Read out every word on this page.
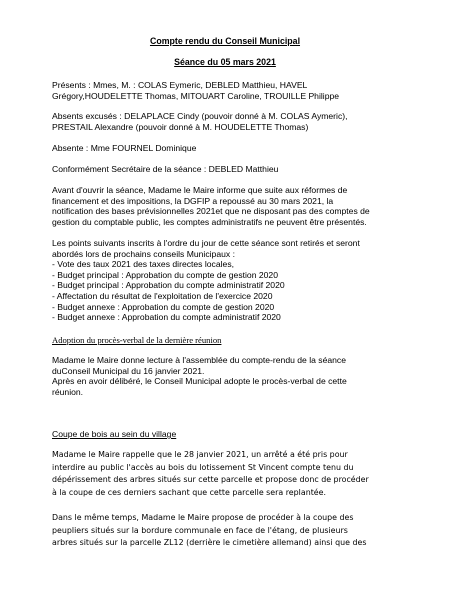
Compte rendu du Conseil Municipal
Séance du 05 mars 2021

Présents : Mmes, M. : COLAS Eymeric, DEBLED Matthieu, HAVEL

Grégory,HOUDELETTE Thomas, MITOUART Caroline, TROUILLE Philippe

Absents excusés : DELAPLACE Cindy (pouvoir donné à M. COLAS Aymeric),

PRESTAIL Alexandre (pouvoir donné à M. HOUDELETTE Thomas)

Absente : Mme FOURNEL Dominique

Conformément Secrétaire de la séance : DEBLED Matthieu

Avant d'ouvrir la séance, Madame le Maire informe que suite aux réformes de

financement et des impositions, la DGFIP a repoussé au 30 mars 2021, la

notification des bases prévisionnelles 2021et que ne disposant pas des comptes de

gestion du comptable public, les comptes administratifs ne peuvent être présentés.

Les points suivants inscrits à l'ordre du jour de cette séance sont retirés et seront

abordés lors de prochains conseils Municipaux :

- Vote des taux 2021 des taxes directes locales,

- Budget principal : Approbation du compte de gestion 2020

- Budget principal : Approbation du compte administratif 2020

- Affectation du résultat de l'exploitation de l'exercice 2020

- Budget annexe : Approbation du compte de gestion 2020

- Budget annexe : Approbation du compte administratif 2020

Adoption du procès-verbal de la dernière réunion

Madame le Maire donne lecture à l'assemblée du compte-rendu de la séance

duConseil Municipal du 16 janvier 2021.

Après en avoir délibéré, le Conseil Municipal adopte le procès-verbal de cette

réunion.

Coupe de bois au sein du village

Madame le Maire rappelle que le 28 janvier 2021, un arrêté a été pris pour

interdire au public l'accès au bois du lotissement St Vincent compte tenu du

dépérissement des arbres situés sur cette parcelle et propose donc de procéder

à la coupe de ces derniers sachant que cette parcelle sera replantée.

Dans le même temps, Madame le Maire propose de procéder à la coupe des

peupliers situés sur la bordure communale en face de l'étang, de plusieurs

arbres situés sur la parcelle ZL12 (derrière le cimetière allemand) ainsi que des
